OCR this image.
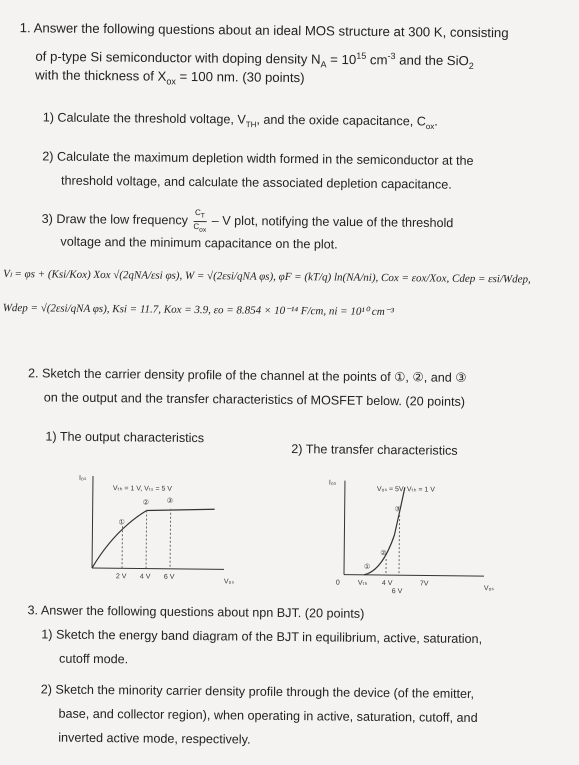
1. Answer the following questions about an ideal MOS structure at 300 K, consisting
of p-type Si semiconductor with doping density $N_A = 10^{15}$ $cm^{-3}$ and the SiO$_2$
with the thickness of $X_{ox} = 100$ nm. (30 points)
1) Calculate the threshold voltage, $V_{TH}$, and the oxide capacitance, $C_{ox}$.
2) Calculate the maximum depletion width formed in the semiconductor at the
threshold voltage, and calculate the associated depletion capacitance.
3) Draw the low frequency $C_T$
$C_{ox}$ – V plot, notifying the value of the threshold
voltage and the minimum capacitance on the plot.
Vₗ = φs + (Ksi/Kox) Xox √(2qNA/εsi φs), W = √(2εsi/qNA φs), φF = (kT/q) ln(NA/ni), Cox = εox/Xox, Cdep = εsi/Wdep,
Wdep = √(2εsi/qNA φs), Ksi = 11.7, Kox = 3.9, εo = 8.854 × 10⁻¹⁴ F/cm, ni = 10¹⁰ cm⁻³
2. Sketch the carrier density profile of the channel at the points of ①, ②, and ③
on the output and the transfer characteristics of MOSFET below. (20 points)
1) The output characteristics
2) The transfer characteristics
I₀ₛ
V₀ₛ
Vₜₕ = 1 V, Vₜₛ = 5 V
①
②	③
2 V 4 V 6 V
I₀ₛ
V₀ₛ
V₀ₛ = 5V, Vₜₕ = 1 V
①
②
③
0	Vₜₕ 4 V	7V
6 V
3. Answer the following questions about npn BJT. (20 points)
1) Sketch the energy band diagram of the BJT in equilibrium, active, saturation,
cutoff mode.
2) Sketch the minority carrier density profile through the device (of the emitter,
base, and collector region), when operating in active, saturation, cutoff, and
inverted active mode, respectively.
